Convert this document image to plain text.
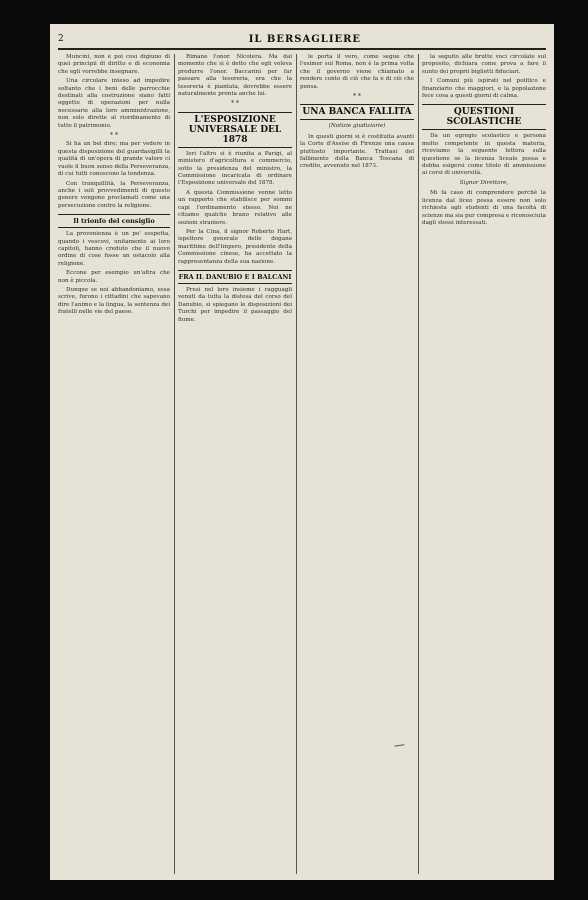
2	IL BERSAGLIERE

Muncini, non è poi così digiuno di quei principii di diritto e di economia che egli vorrebbe insegnare.

Una circolare inteso ad impedire soltanto che i beni delle parrocchie destinati alla costruzione siano fatti oggetto di operazioni per nulla necessarie alla loro amministrazione, non solo dirette al riordinamento di tutto il patrimonio.

* *

Si ha un bel dire; ma per vedere in questa disposizione del guardasigilli la qualità di un'opera di grande valore ci vuole il buon senso della Perseveranza, di cui tutti conoscono la tendenza.

Con tranquillità, la Perseveranza, anche i soli provvedimenti di questo genere vengono proclamati come una persecuzione contro la religione.

Il trionfo del consiglio

La provenienza è un po' sospetta, quando i vescovi, unitamente ai loro capitoli, hanno creduto che il nuovo ordine di cose fosse un ostacolo alla religione.

Eccone per esempio un'altra che non è piccola.

Dunque se noi abbandoniamo, essa scrive, furono i cittadini che sapevano dire l'animo e la lingua, la sentenza dei fratelli nelle vie del paese.

Rimane l'onor. Nicotera. Ma dal momento che si è detto che egli voleva produrre l'onor. Baccarini per far passare alla tesoreria, era che la tesoreria è piantata, dovrebbe essere naturalmente pronta anche lui.

* *
L'ESPOSIZIONE UNIVERSALE DEL 1878

Ieri l'altro si è riunita a Parigi, al ministero d'agricoltura e commercio, sotto la presidenza del ministro, la Commissione incaricata di ordinare l'Esposizione universale del 1878.

A questa Commissione venne letto un rapporto che stabilisce per sommi capi l'ordinamento stesso. Noi ne citiamo qualche brano relativo alle sezioni straniere.

Per la Cina, il signor Roberto Hart, ispettore generale delle dogane marittime dell'Impero, presidente della Commissione cinese, ha accettato la rappresentanza della sua nazione.

FRA IL DANUBIO E I BALCANI

Presi nel loro insieme i ragguagli venuti da tutta la distesa del corso del Danubio, si spiegano le disposizioni dei Turchi per impedire il passaggio del fiume.

le porta il vero, come segue che l'esimer sul Roma, non è la prima volta che il governo viene chiamato a rendere conto di ciò che fa e di ciò che pensa.

* *
UNA BANCA FALLITA
(Notizie giudiziarie)

In questi giorni si è costituita avanti la Corte d'Assise di Firenze una causa piuttosto importante. Trattasi del fallimento della Banca Toscana di credito, avvenuto nel 1873.

la seguito alle brutte voci circolate sul proposito, dichiara come prova a fare il sunto dei proprii biglietti fiduciari.

I Comuni più ispirati nel politico e finanziario che maggiori, e la popolazione fece cosa a questi giorni di calma.

QUESTIONI SCOLASTICHE

Da un egregio scolastico e persona molto competente in questa materia, riceviamo la seguente lettera sulla questione se la licenza liceale possa e debba esigersi come titolo di ammissione ai corsi di università.

Signor Direttore,

Mi fa caso di comprendere perchè la licenza dal liceo possa essere non solo richiesta agli studenti di una facoltà di scienze ma sia pur compresa e riconosciuta dagli stessi interessati.
